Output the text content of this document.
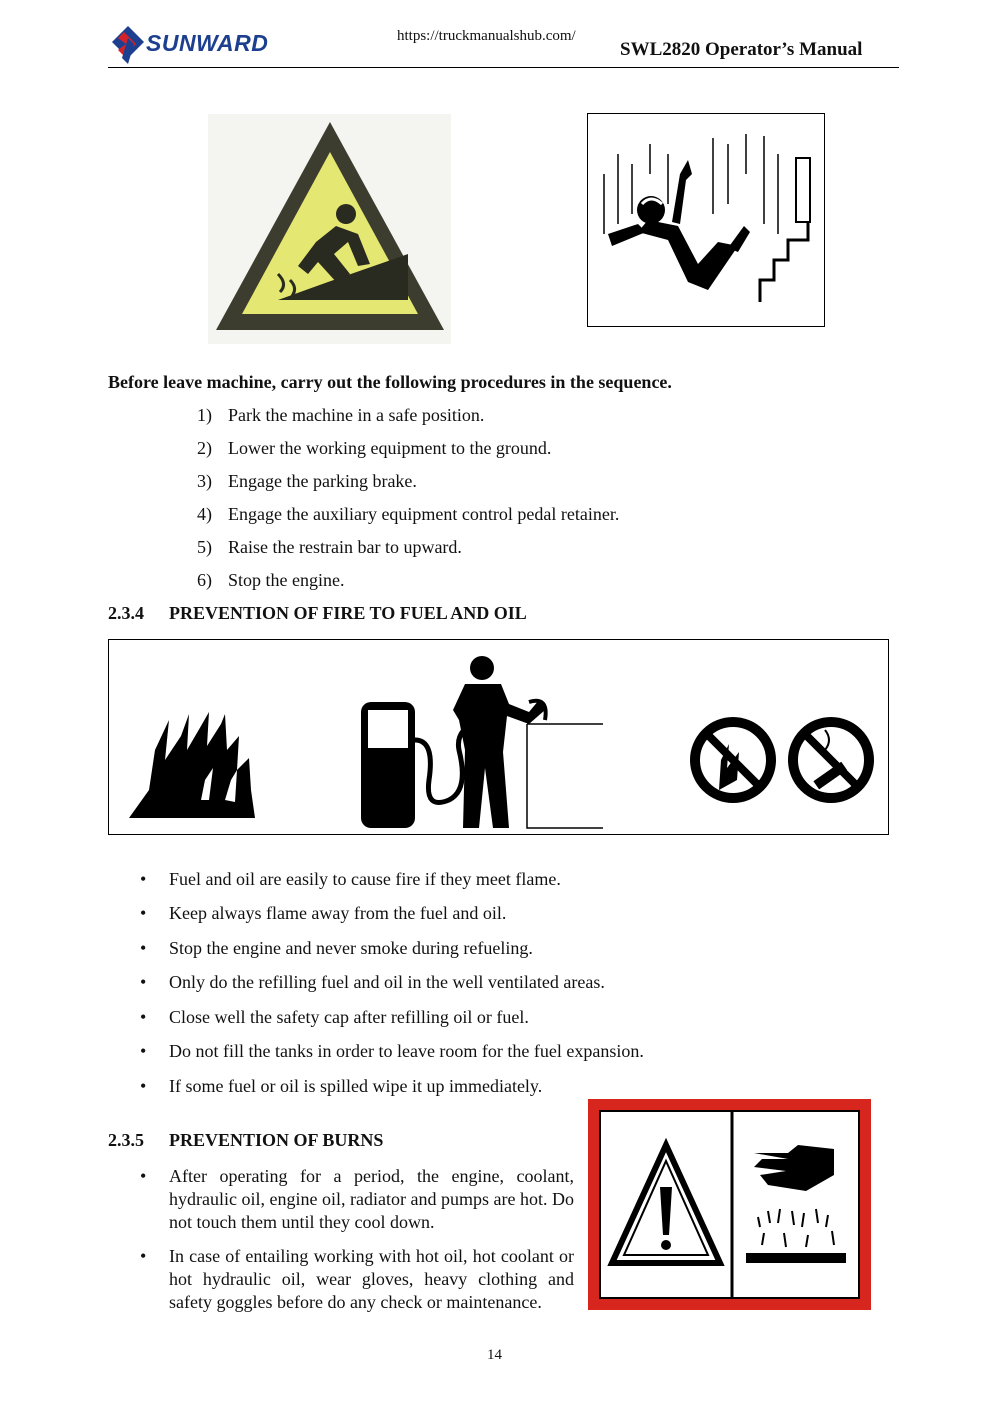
SUNWARD	https://truckmanualshub.com/
SWL2820 Operator’s Manual
Before leave machine, carry out the following procedures in the sequence.
1) Park the machine in a safe position.
2) Lower the working equipment to the ground.
3) Engage the parking brake.
4) Engage the auxiliary equipment control pedal retainer.
5) Raise the restrain bar to upward.
6) Stop the engine.
2.3.4 PREVENTION OF FIRE TO FUEL AND OIL
• Fuel and oil are easily to cause fire if they meet flame.
• Keep always flame away from the fuel and oil.
• Stop the engine and never smoke during refueling.
• Only do the refilling fuel and oil in the well ventilated areas.
• Close well the safety cap after refilling oil or fuel.
• Do not fill the tanks in order to leave room for the fuel expansion.
• If some fuel or oil is spilled wipe it up immediately.
2.3.5 PREVENTION OF BURNS
• After operating for a period, the engine, coolant, hydraulic oil, engine oil, radiator and pumps are hot. Do not touch them until they cool down.
• In case of entailing working with hot oil, hot coolant or hot hydraulic oil, wear gloves, heavy clothing and safety goggles before do any check or maintenance.
14
